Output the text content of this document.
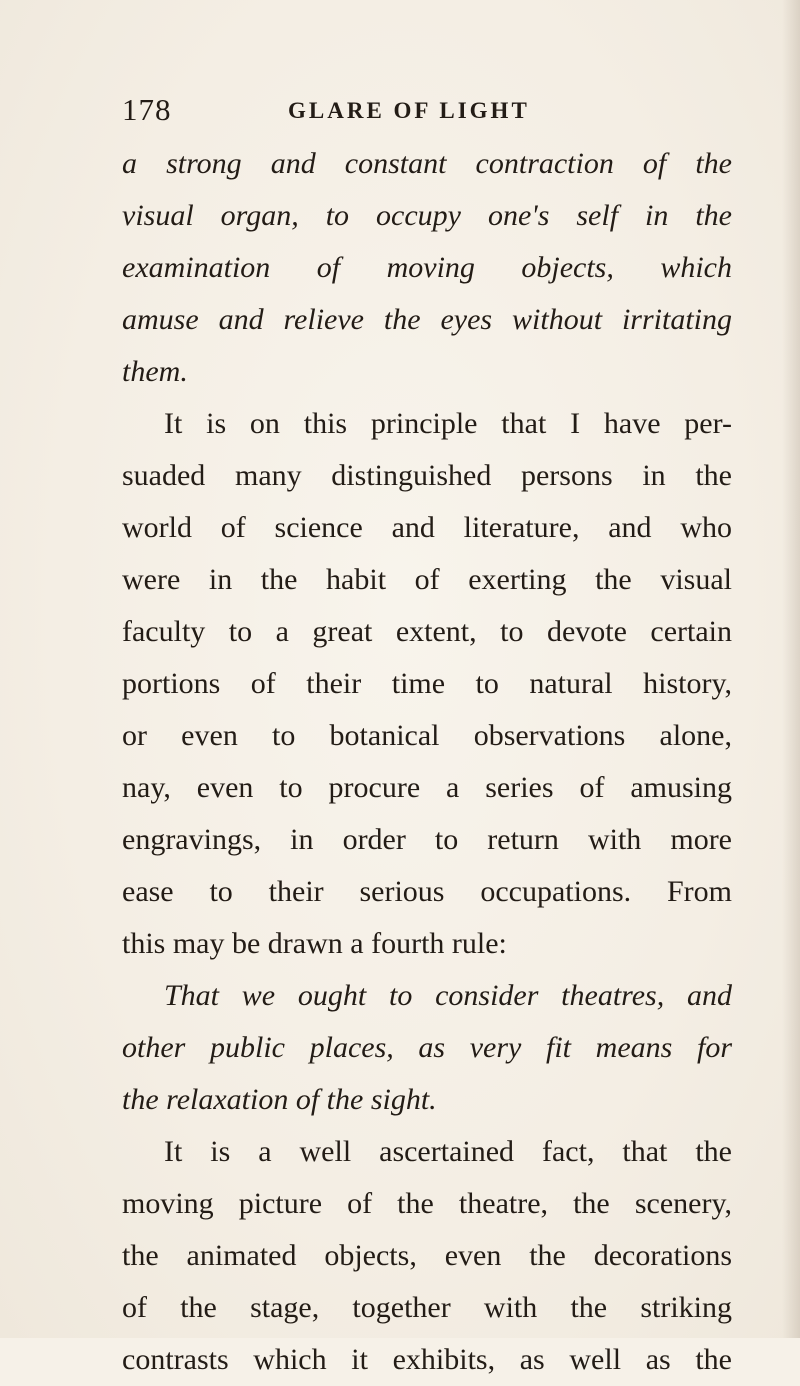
178	GLARE OF LIGHT
a strong and constant contraction of the
visual organ, to occupy one's self in the
examination of moving objects, which
amuse and relieve the eyes without irritating
them.
It is on this principle that I have per-
suaded many distinguished persons in the
world of science and literature, and who
were in the habit of exerting the visual
faculty to a great extent, to devote certain
portions of their time to natural history,
or even to botanical observations alone,
nay, even to procure a series of amusing
engravings, in order to return with more
ease to their serious occupations. From
this may be drawn a fourth rule:
That we ought to consider theatres, and
other public places, as very fit means for
the relaxation of the sight.
It is a well ascertained fact, that the
moving picture of the theatre, the scenery,
the animated objects, even the decorations
of the stage, together with the striking
contrasts which it exhibits, as well as the
